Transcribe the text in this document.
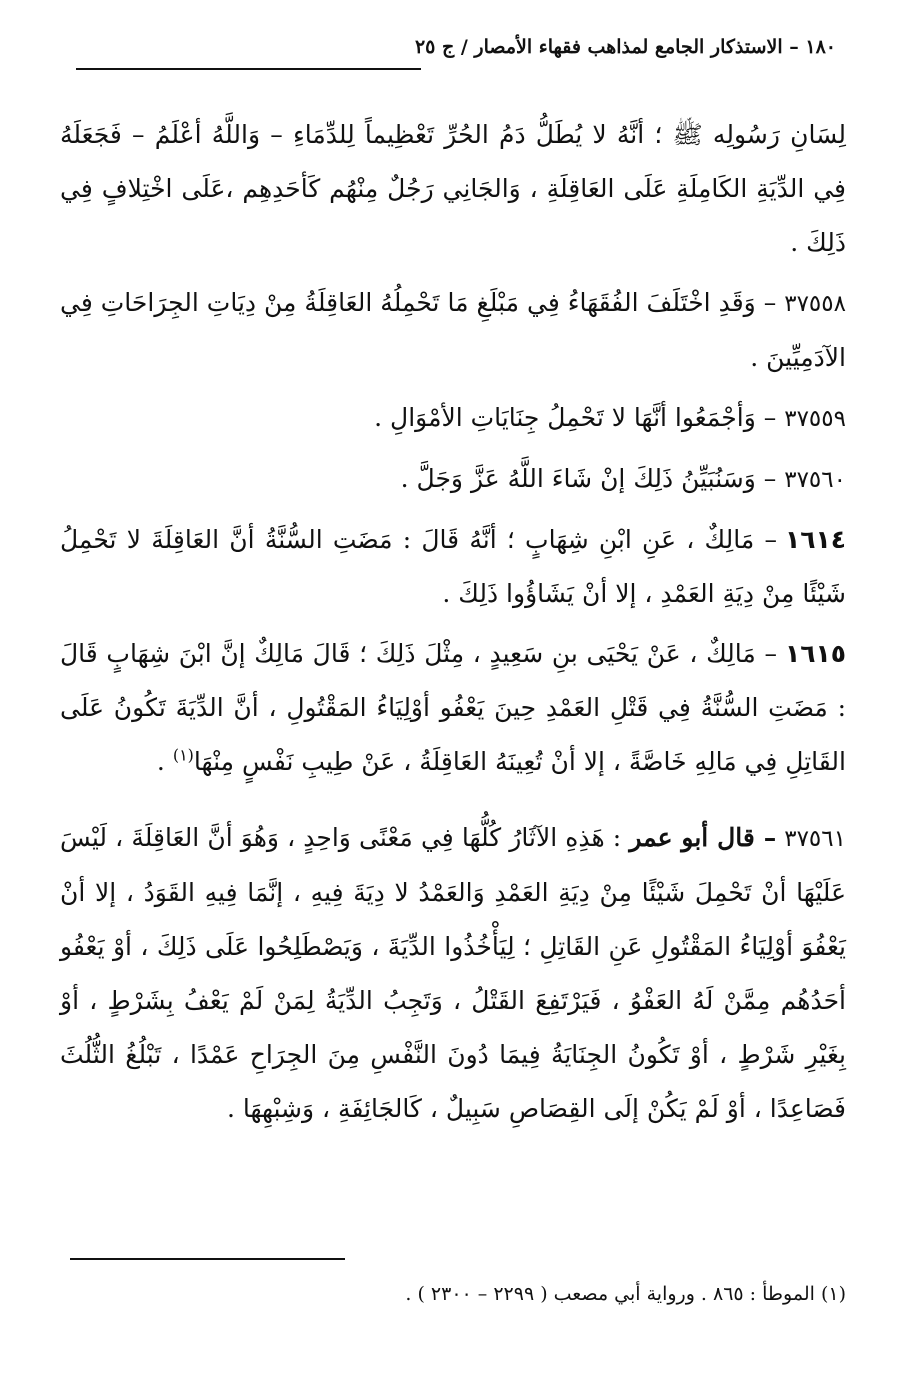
١٨٠ – الاستذكار الجامع لمذاهب فقهاء الأمصار / ج ٢٥

لِسَانِ رَسُولِه ﷺ ؛ أنَّهُ لا يُطَلُّ دَمُ الحُرِّ تَعْظِيماً لِلدِّمَاءِ – وَاللَّهُ أعْلَمُ – فَجَعَلَهُ فِي الدِّيَةِ الكَامِلَةِ عَلَى العَاقِلَةِ ، وَالجَانِي رَجُلٌ مِنْهُم كَأحَدِهِم ،عَلَى اخْتِلافٍ فِي ذَلِكَ .

٣٧٥٥٨– وَقَدِ اخْتَلَفَ الفُقَهَاءُ فِي مَبْلَغِ مَا تَحْمِلُهُ العَاقِلَةُ مِنْ دِيَاتِ الجِرَاحَاتِ فِي الآدَمِيِّينَ .

٣٧٥٥٩– وَأجْمَعُوا أنَّهَا لا تَحْمِلُ جِنَايَاتِ الأمْوَالِ .

٣٧٥٦٠– وَسَنُبَيِّنُ ذَلِكَ إنْ شَاءَ اللَّهُ عَزَّ وَجَلَّ .

١٦١٤– مَالِكٌ ، عَنِ ابْنِ شِهَابٍ ؛ أنَّهُ قَالَ : مَضَتِ السُّنَّةُ أنَّ العَاقِلَةَ لا تَحْمِلُ شَيْئًا مِنْ دِيَةِ العَمْدِ ، إلا أنْ يَشَاؤُوا ذَلِكَ .

١٦١٥– مَالِكٌ ، عَنْ يَحْيَى بنِ سَعِيدٍ ، مِثْلَ ذَلِكَ ؛ قَالَ مَالِكٌ إنَّ ابْنَ شِهَابٍ قَالَ : مَضَتِ السُّنَّةُ فِي قَتْلِ العَمْدِ حِينَ يَعْفُو أوْلِيَاءُ المَقْتُولِ ، أنَّ الدِّيَةَ تَكُونُ عَلَى القَاتِلِ فِي مَالِهِ خَاصَّةً ، إلا أنْ تُعِينَهُ العَاقِلَةُ ، عَنْ طِيبِ نَفْسٍ مِنْهَا$^{(١)}$ .

٣٧٥٦١– قال أبو عمر : هَذِهِ الآثَارُ كُلُّهَا فِي مَعْنًى وَاحِدٍ ، وَهُوَ أنَّ العَاقِلَةَ ، لَيْسَ عَلَيْهَا أنْ تَحْمِلَ شَيْئًا مِنْ دِيَةِ العَمْدِ وَالعَمْدُ لا دِيَةَ فِيهِ ، إنَّمَا فِيهِ القَوَدُ ، إلا أنْ يَعْفُوَ أوْلِيَاءُ المَقْتُولِ عَنِ القَاتِلِ ؛ لِيَأْخُذُوا الدِّيَةَ ، وَيَصْطَلِحُوا عَلَى ذَلِكَ ، أوْ يَعْفُو أحَدُهُم مِمَّنْ لَهُ العَفْوُ ، فَيَرْتَفِعَ القَتْلُ ، وَتَجِبُ الدِّيَةُ لِمَنْ لَمْ يَعْفُ بِشَرْطٍ ، أوْ بِغَيْرِ شَرْطٍ ، أوْ تَكُونُ الجِنَايَةُ فِيمَا دُونَ النَّفْسِ مِنَ الجِرَاحِ عَمْدًا ، تَبْلُغُ الثُّلُثَ فَصَاعِدًا ، أوْ لَمْ يَكُنْ إلَى القِصَاصِ سَبِيلٌ ، كَالجَائِفَةِ ، وَشِبْهِهَا .

(١) الموطأ : ٨٦٥ . ورواية أبي مصعب ( ٢٢٩٩ – ٢٣٠٠ ) .
